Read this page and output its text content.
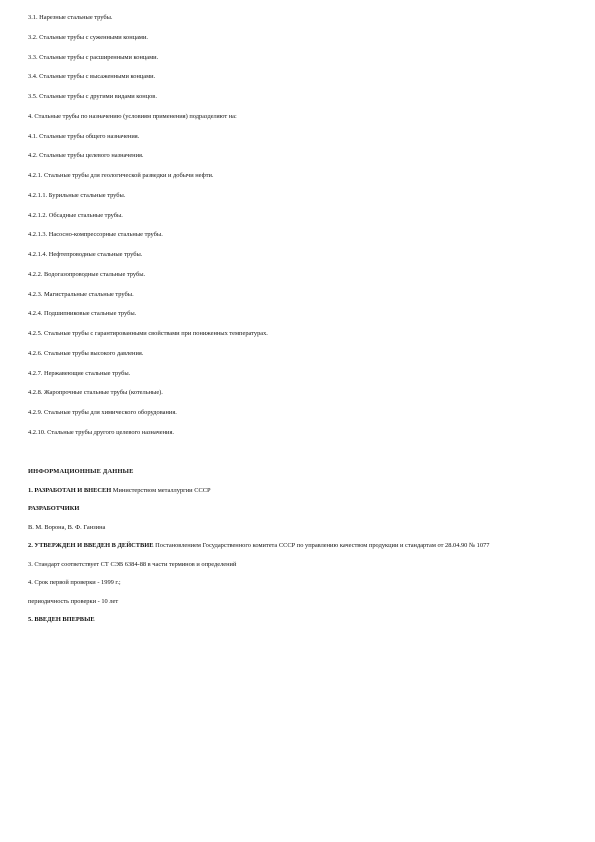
3.1. Нарезные стальные трубы.
3.2. Стальные трубы с суженными концами.
3.3. Стальные трубы с расширенными концами.
3.4. Стальные трубы с высаженными концами.
3.5. Стальные трубы с другими видами концов.
4. Стальные трубы по назначению (условиям применения) подразделяют на:
4.1. Стальные трубы общего назначения.
4.2. Стальные трубы целевого назначения.
4.2.1. Стальные трубы для геологической разведки и добычи нефти.
4.2.1.1. Бурильные стальные трубы.
4.2.1.2. Обсадные стальные трубы.
4.2.1.3. Насосно-компрессорные стальные трубы.
4.2.1.4. Нефтепроводные стальные трубы.
4.2.2. Водогазопроводные стальные трубы.
4.2.3. Магистральные стальные трубы.
4.2.4. Подшипниковые стальные трубы.
4.2.5. Стальные трубы с гарантированными свойствами при пониженных температурах.
4.2.6. Стальные трубы высокого давления.
4.2.7. Нержавеющие стальные трубы.
4.2.8. Жаропрочные стальные трубы (котельные).
4.2.9. Стальные трубы для химического оборудования.
4.2.10. Стальные трубы другого целевого назначения.
ИНФОРМАЦИОННЫЕ ДАННЫЕ
1. РАЗРАБОТАН И ВНЕСЕН Министерством металлургии СССР
РАЗРАБОТЧИКИ
В. М. Ворона, В. Ф. Ганзина
2. УТВЕРЖДЕН И ВВЕДЕН В ДЕЙСТВИЕ Постановлением Государственного комитета СССР по управлению качеством продукции и стандартам от 28.04.90 № 1077
3. Стандарт соответствует СТ СЭВ 6384-88 в части терминов и определений
4. Срок первой проверки - 1999 г.;
периодичность проверки - 10 лет
5. ВВЕДЕН ВПЕРВЫЕ
